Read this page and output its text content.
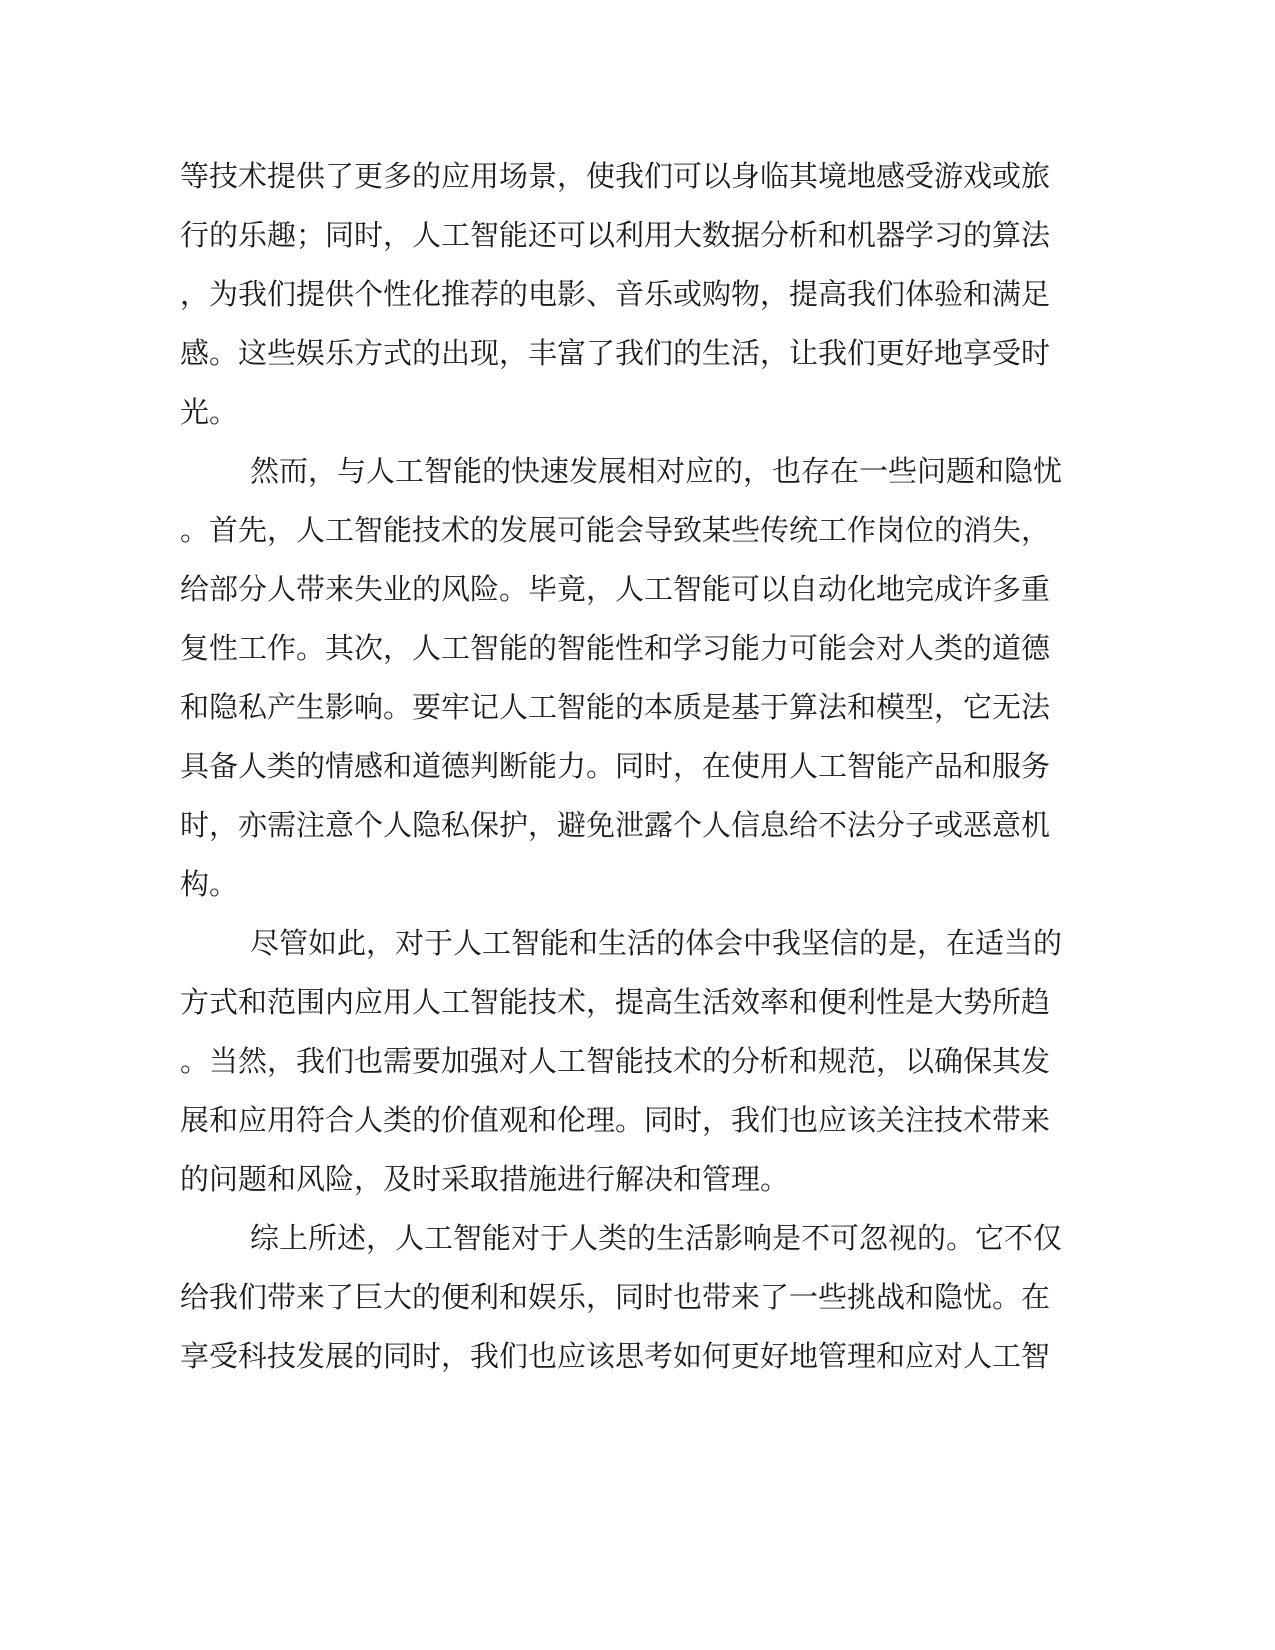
等技术提供了更多的应用场景，使我们可以身临其境地感受游戏或旅
行的乐趣；同时，人工智能还可以利用大数据分析和机器学习的算法
，为我们提供个性化推荐的电影、音乐或购物，提高我们体验和满足
感。这些娱乐方式的出现，丰富了我们的生活，让我们更好地享受时
光。
然而，与人工智能的快速发展相对应的，也存在一些问题和隐忧
。首先，人工智能技术的发展可能会导致某些传统工作岗位的消失，
给部分人带来失业的风险。毕竟，人工智能可以自动化地完成许多重
复性工作。其次，人工智能的智能性和学习能力可能会对人类的道德
和隐私产生影响。要牢记人工智能的本质是基于算法和模型，它无法
具备人类的情感和道德判断能力。同时，在使用人工智能产品和服务
时，亦需注意个人隐私保护，避免泄露个人信息给不法分子或恶意机
构。
尽管如此，对于人工智能和生活的体会中我坚信的是，在适当的
方式和范围内应用人工智能技术，提高生活效率和便利性是大势所趋
。当然，我们也需要加强对人工智能技术的分析和规范，以确保其发
展和应用符合人类的价值观和伦理。同时，我们也应该关注技术带来
的问题和风险，及时采取措施进行解决和管理。
综上所述，人工智能对于人类的生活影响是不可忽视的。它不仅
给我们带来了巨大的便利和娱乐，同时也带来了一些挑战和隐忧。在
享受科技发展的同时，我们也应该思考如何更好地管理和应对人工智
